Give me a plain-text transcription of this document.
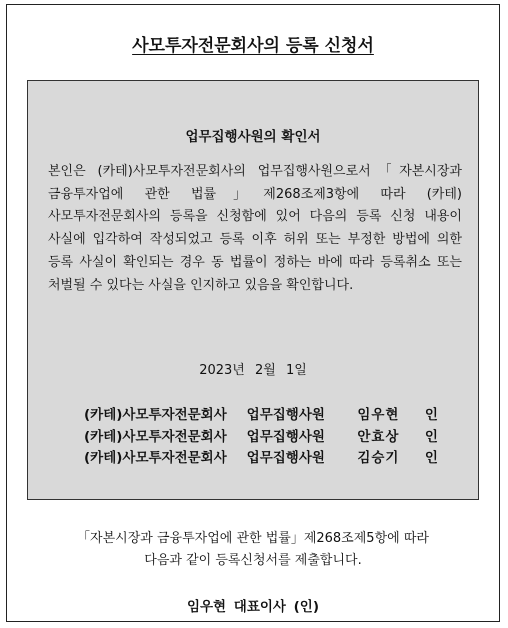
사모투자전문회사의 등록 신청서
업무집행사원의 확인서
본인은 (카테)사모투자전문회사의 업무집행사원으로서「자본시장과 금융투자업에 관한 법률」제268조제3항에 따라 (카테)사모투자전문회사의 등록을 신청함에 있어 다음의 등록 신청 내용이 사실에 입각하여 작성되었고 등록 이후 허위 또는 부정한 방법에 의한 등록 사실이 확인되는 경우 동 법률이 정하는 바에 따라 등록취소 또는 처벌될 수 있다는 사실을 인지하고 있음을 확인합니다.
2023년 2월 1일
(카테)사모투자전문회사	업무집행사원	임우현	인
(카테)사모투자전문회사	업무집행사원	안효상	인
(카테)사모투자전문회사	업무집행사원	김승기	인
「자본시장과 금융투자업에 관한 법률」제268조제5항에 따라
다음과 같이 등록신청서를 제출합니다.
임우현 대표이사 (인)
